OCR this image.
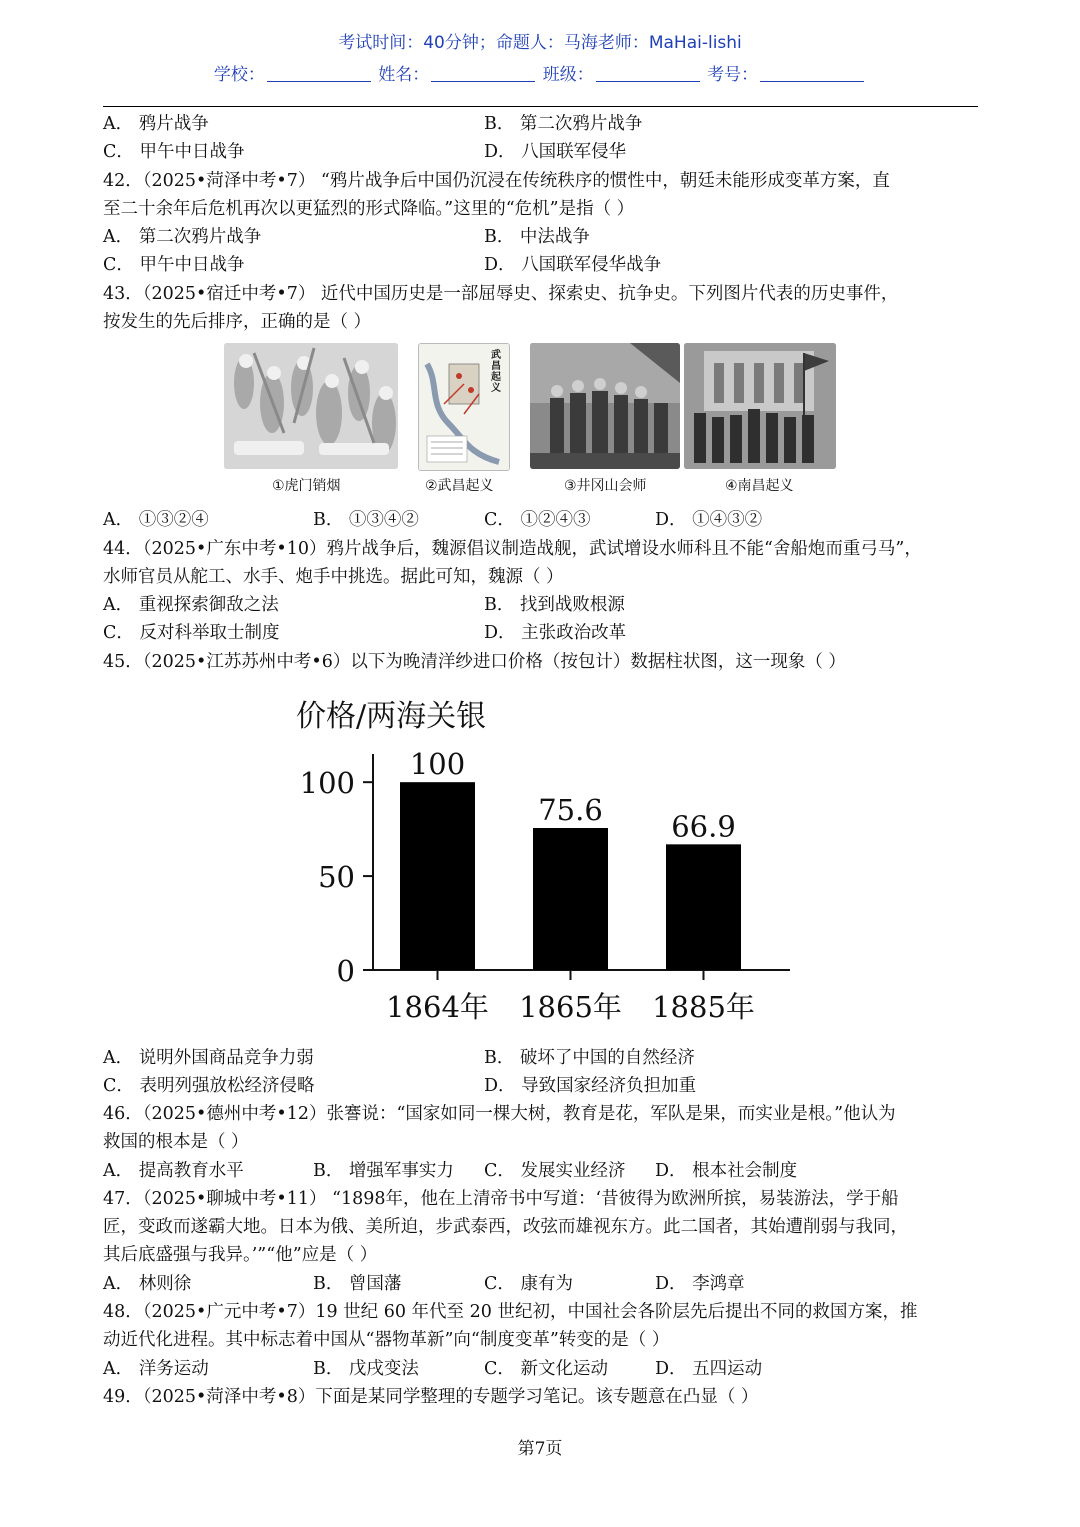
考试时间：40分钟；命题人：马海老师：MaHai-lishi
学校：	姓名：	班级：	考号：
A． 鸦片战争	B． 第二次鸦片战争
C． 甲午中日战争	D． 八国联军侵华
42．（2025•菏泽中考•7） “鸦片战争后中国仍沉浸在传统秩序的惯性中，朝廷未能形成变革方案，直
至二十余年后危机再次以更猛烈的形式降临。”这里的“危机”是指（ ）
A． 第二次鸦片战争	B． 中法战争
C． 甲午中日战争	D． 八国联军侵华战争
43．（2025•宿迁中考•7） 近代中国历史是一部屈辱史、探索史、抗争史。下列图片代表的历史事件，
按发生的先后排序，正确的是（ ）
武昌起义
①虎门销烟	②武昌起义	③井冈山会师	④南昌起义
A． ①③②④	B． ①③④②	C． ①②④③	D． ①④③②
44．（2025•广东中考•10）鸦片战争后，魏源倡议制造战舰，武试增设水师科且不能“舍船炮而重弓马”，
水师官员从舵工、水手、炮手中挑选。据此可知，魏源（ ）
A． 重视探索御敌之法	B． 找到战败根源
C． 反对科举取士制度	D． 主张政治改革
45．（2025•江苏苏州中考•6）以下为晚清洋纱进口价格（按包计）数据柱状图，这一现象（ ）
价格/两海关银
0
50
100
100
1864年
75.6
1865年
66.9
1885年
A． 说明外国商品竞争力弱	B． 破坏了中国的自然经济
C． 表明列强放松经济侵略	D． 导致国家经济负担加重
46．（2025•德州中考•12）张謇说：“国家如同一棵大树，教育是花，军队是果，而实业是根。”他认为
救国的根本是（ ）
A． 提高教育水平	B． 增强军事实力 C． 发展实业经济 D． 根本社会制度
47．（2025•聊城中考•11） “1898年，他在上清帝书中写道：‘昔彼得为欧洲所摈，易装游法，学于船
匠，变政而遂霸大地。日本为俄、美所迫，步武泰西，改弦而雄视东方。此二国者，其始遭削弱与我同，
其后底盛强与我异。’”“他”应是（ ）
A． 林则徐	B． 曾国藩	C． 康有为	D． 李鸿章
48．（2025•广元中考•7）19 世纪 60 年代至 20 世纪初，中国社会各阶层先后提出不同的救国方案，推
动近代化进程。其中标志着中国从“器物革新”向“制度变革”转变的是（ ）
A． 洋务运动	B． 戊戌变法	C． 新文化运动	D． 五四运动
49．（2025•菏泽中考•8）下面是某同学整理的专题学习笔记。该专题意在凸显（ ）
第7页
